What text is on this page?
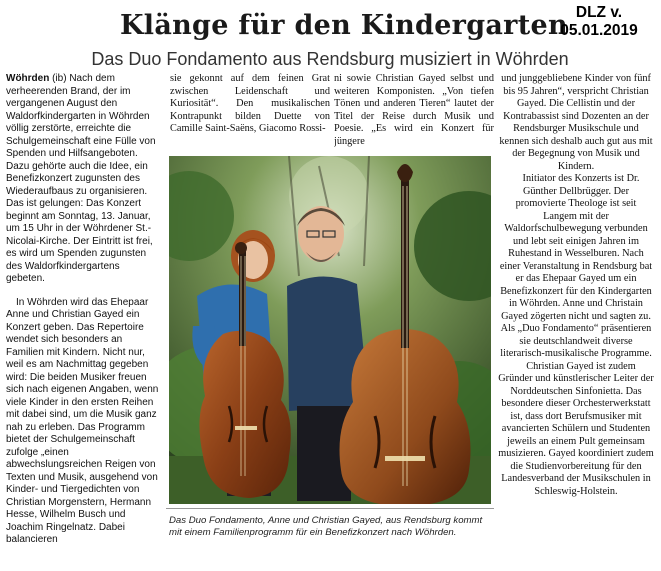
Klänge für den Kindergarten DLZ v.
05.01.2019
Das Duo Fondamento aus Rendsburg musiziert in Wöhrden

Wöhrden (ib) Nach dem verheerenden Brand, der im vergangenen August den Waldorfkindergarten in Wöhrden völlig zerstörte, erreichte die Schulgemeinschaft eine Fülle von Spenden und Hilfsangeboten. Dazu gehörte auch die Idee, ein Benefizkonzert zugunsten des Wiederaufbaus zu organisieren. Das ist gelungen: Das Konzert beginnt am Sonntag, 13. Januar, um 15 Uhr in der Wöhrdener St.-Nicolai-Kirche. Der Eintritt ist frei, es wird um Spenden zugunsten des Waldorfkindergartens gebeten.

In Wöhrden wird das Ehepaar Anne und Christian Gayed ein Konzert geben. Das Repertoire wendet sich besonders an Familien mit Kindern. Nicht nur, weil es am Nachmittag gegeben wird: Die beiden Musiker freuen sich nach eigenen Angaben, wenn viele Kinder in den ersten Reihen mit dabei sind, um die Musik ganz nah zu erleben. Das Programm bietet der Schulgemeinschaft zufolge „einen abwechslungsreichen Reigen von Texten und Musik, ausgehend von Kinder- und Tiergedichten von Christian Morgenstern, Hermann Hesse, Wilhelm Busch und Joachim Ringelnatz. Dabei balancieren

sie gekonnt auf dem feinen Grat zwischen Leidenschaft und Kuriosität“. Den musikalischen Kontrapunkt bilden Duette von Camille Saint-Saëns, Giacomo Rossi-

ni sowie Christian Gayed selbst und weiteren Komponisten. „Von tiefen Tönen und anderen Tieren“ lautet der Titel der Reise durch Musik und Poesie. „Es wird ein Konzert für jüngere

und junggebliebene Kinder von fünf bis 95 Jahren“, verspricht Christian Gayed. Die Cellistin und der Kontrabassist sind Dozenten an der Rendsburger Musikschule und kennen sich deshalb auch gut aus mit der Begegnung von Musik und Kindern.

Initiator des Konzerts ist Dr. Günther Dellbrügger. Der promovierte Theologe ist seit Langem mit der Waldorfschulbewegung verbunden und lebt seit einigen Jahren im Ruhestand in Wesselburen. Nach einer Veranstaltung in Rendsburg bat er das Ehepaar Gayed um ein Benefizkonzert für den Kindergarten in Wöhrden. Anne und Christain Gayed zögerten nicht und sagten zu. Als „Duo Fondamento“ präsentieren sie deutschlandweit diverse literarisch-musikalische Programme.

Christian Gayed ist zudem Gründer und künstlerischer Leiter der Norddeutschen Sinfonietta. Das besondere dieser Orchesterwerkstatt ist, dass dort Berufsmusiker mit avancierten Schülern und Studenten jeweils an einem Pult gemeinsam musizieren. Gayed koordiniert zudem die Studienvorbereitung für den Landesverband der Musikschulen in Schleswig-Holstein.

Das Duo Fondamento, Anne und Christian Gayed, aus Rendsburg kommt mit einem Familienprogramm für ein Benefizkonzert nach Wöhrden.
